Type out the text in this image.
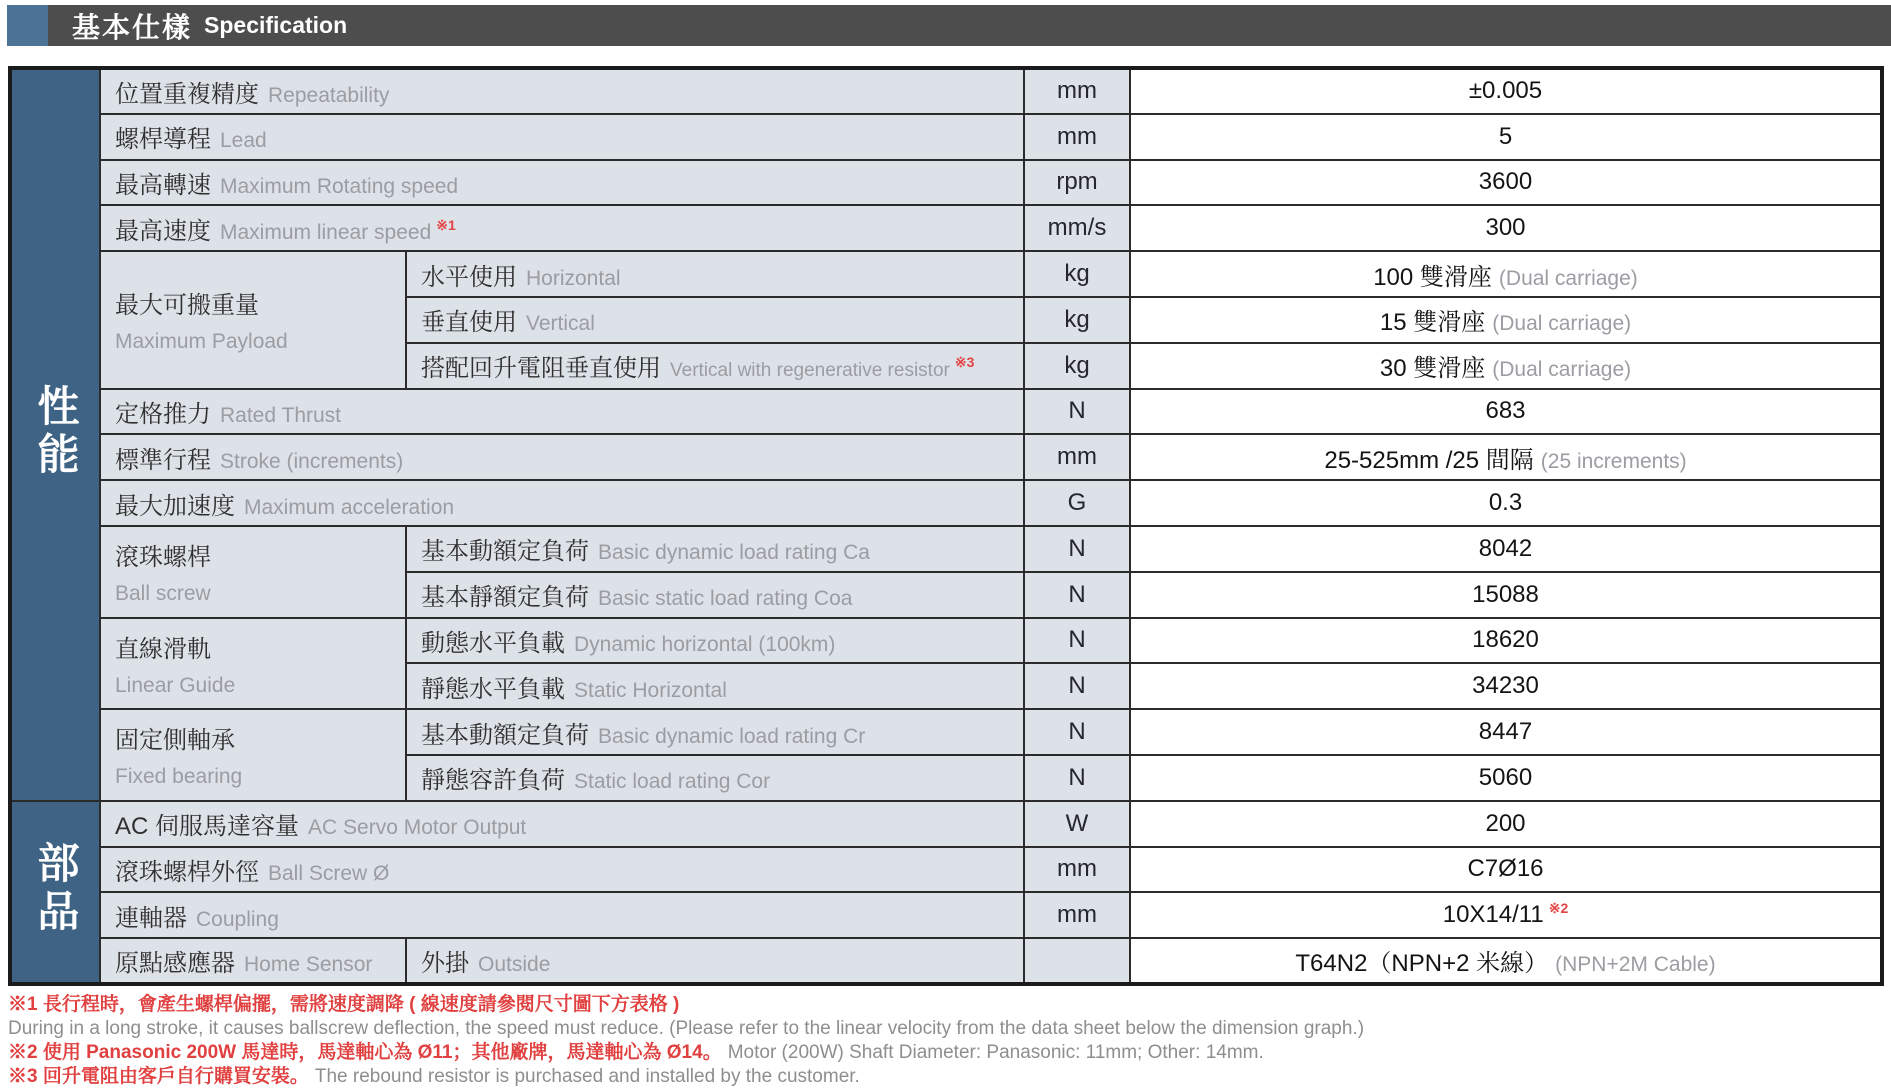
基本仕樣 Specification
性能	位置重複精度 Repeatability		mm	±0.005
	螺桿導程 Lead		mm	5
	最高轉速 Maximum Rotating speed		rpm	3600
	最高速度 Maximum linear speed ※1		mm/s	300

	最大可搬重量
Maximum Payload	水平使用 Horizontal	kg	100 雙滑座 (Dual carriage)
		垂直使用 Vertical	kg	15 雙滑座 (Dual carriage)
		搭配回升電阻垂直使用 Vertical with regenerative resistor ※3	kg	30 雙滑座 (Dual carriage)
	定格推力 Rated Thrust		N	683
	標準行程 Stroke (increments)		mm	25-525mm /25 間隔 (25 increments)
	最大加速度 Maximum acceleration		G	0.3

	滾珠螺桿
Ball screw	基本動額定負荷 Basic dynamic load rating Ca	N	8042
		基本靜額定負荷 Basic static load rating Coa	N	15088

	直線滑軌
Linear Guide	動態水平負載 Dynamic horizontal (100km)	N	18620
		靜態水平負載 Static Horizontal	N	34230

	固定側軸承
Fixed bearing	基本動額定負荷 Basic dynamic load rating Cr	N	8447
		靜態容許負荷 Static load rating Cor	N	5060
部品	AC 伺服馬達容量 AC Servo Motor Output		W	200
	滾珠螺桿外徑 Ball Screw Ø		mm	C7Ø16
	連軸器 Coupling		mm	10X14/11 ※2
	原點感應器 Home Sensor	外掛 Outside		T64N2（NPN+2 米線） (NPN+2M Cable)
※1 長行程時，會產生螺桿偏擺，需將速度調降 ( 線速度請參閱尺寸圖下方表格 )
During in a long stroke, it causes ballscrew deflection, the speed must reduce. (Please refer to the linear velocity from the data sheet below the dimension graph.)
※2 使用 Panasonic 200W 馬達時，馬達軸心為 Ø11；其他廠牌，馬達軸心為 Ø14。 Motor (200W) Shaft Diameter: Panasonic: 11mm; Other: 14mm.
※3 回升電阻由客戶自行購買安裝。 The rebound resistor is purchased and installed by the customer.
